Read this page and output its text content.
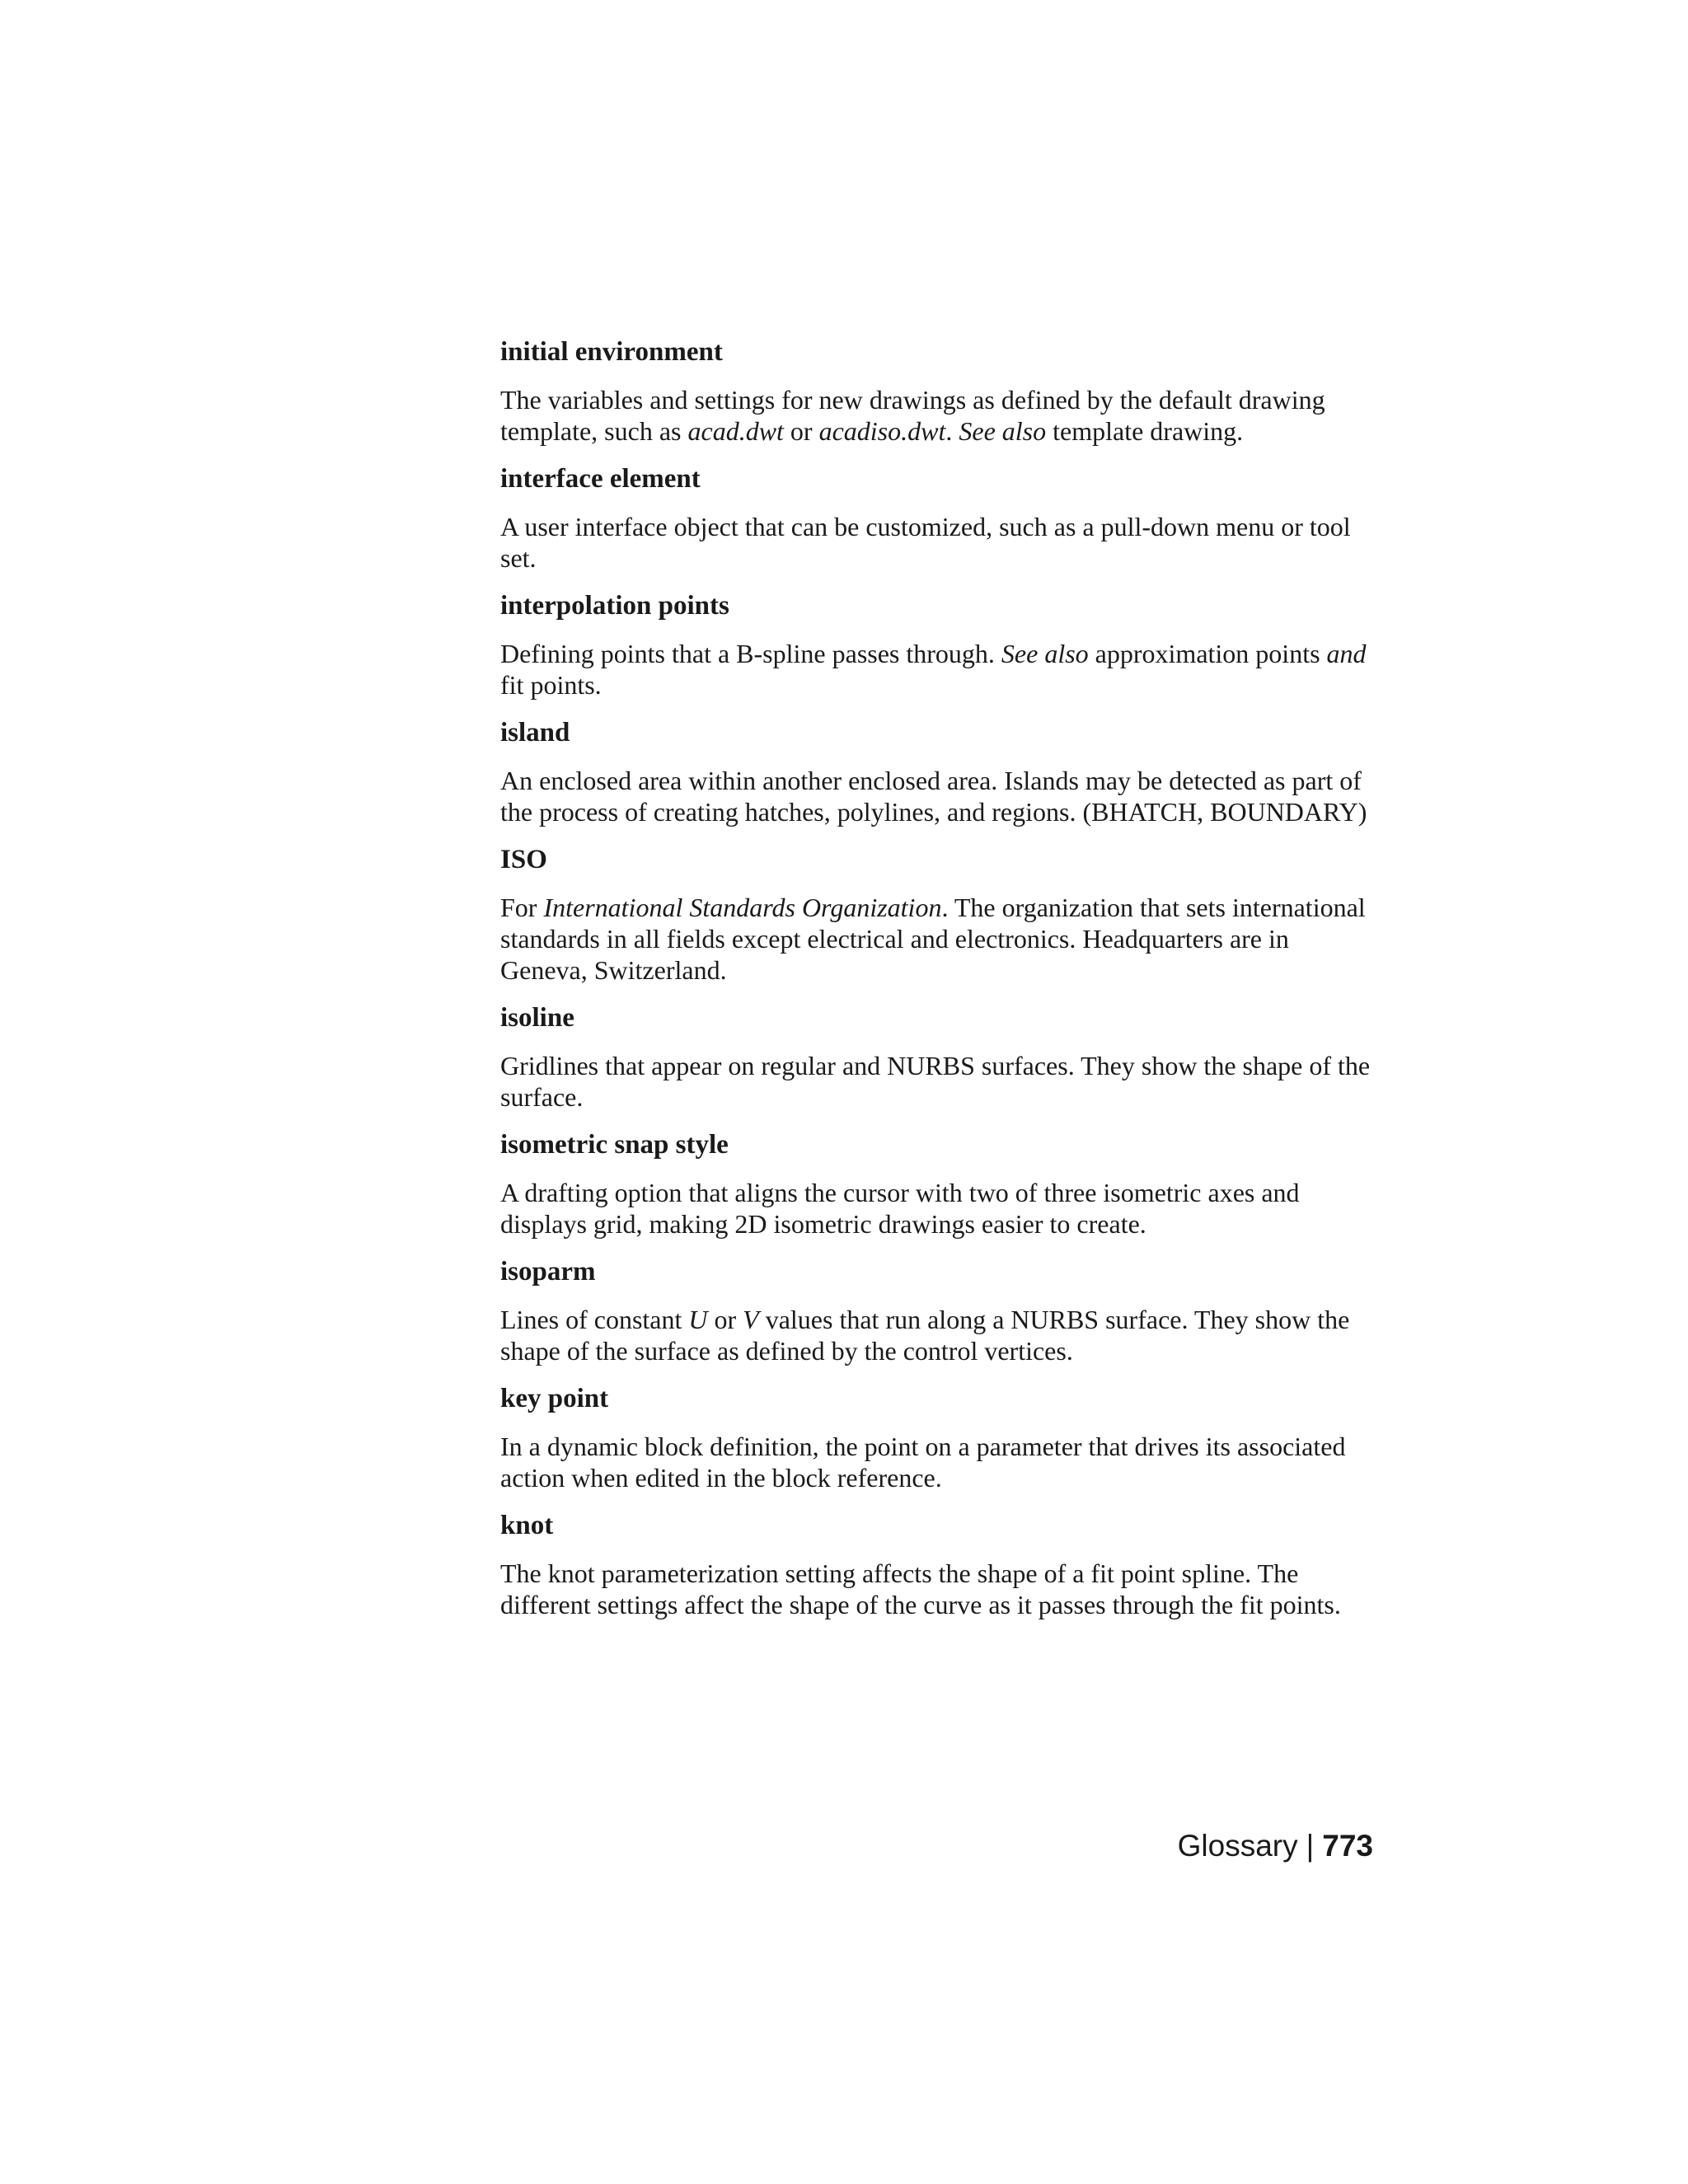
initial environment

The variables and settings for new drawings as defined by the default drawing template, such as acad.dwt or acadiso.dwt. See also template drawing.

interface element

A user interface object that can be customized, such as a pull-down menu or tool set.

interpolation points

Defining points that a B-spline passes through. See also approximation points and fit points.

island

An enclosed area within another enclosed area. Islands may be detected as part of the process of creating hatches, polylines, and regions. (BHATCH, BOUNDARY)

ISO

For International Standards Organization. The organization that sets international standards in all fields except electrical and electronics. Headquarters are in Geneva, Switzerland.

isoline

Gridlines that appear on regular and NURBS surfaces. They show the shape of the surface.

isometric snap style

A drafting option that aligns the cursor with two of three isometric axes and displays grid, making 2D isometric drawings easier to create.

isoparm

Lines of constant U or V values that run along a NURBS surface. They show the shape of the surface as defined by the control vertices.

key point

In a dynamic block definition, the point on a parameter that drives its associated action when edited in the block reference.

knot

The knot parameterization setting affects the shape of a fit point spline. The different settings affect the shape of the curve as it passes through the fit points.

Glossary | 773
